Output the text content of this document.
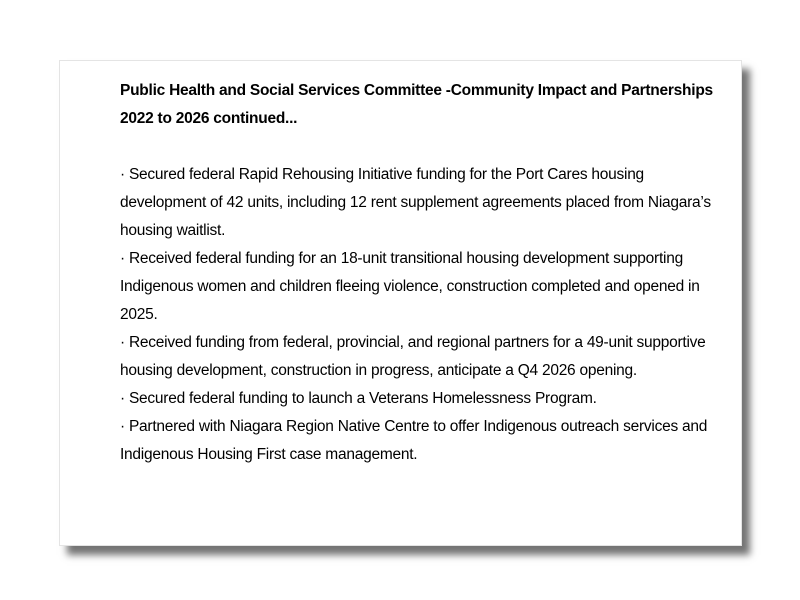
Public Health and Social Services Committee -Community Impact and Partnerships 2022 to 2026 continued...

· Secured federal Rapid Rehousing Initiative funding for the Port Cares housing development of 42 units, including 12 rent supplement agreements placed from Niagara’s housing waitlist.

· Received federal funding for an 18-unit transitional housing development supporting Indigenous women and children fleeing violence, construction completed and opened in 2025.

· Received funding from federal, provincial, and regional partners for a 49-unit supportive housing development, construction in progress, anticipate a Q4 2026 opening.

· Secured federal funding to launch a Veterans Homelessness Program.

· Partnered with Niagara Region Native Centre to offer Indigenous outreach services and Indigenous Housing First case management.
